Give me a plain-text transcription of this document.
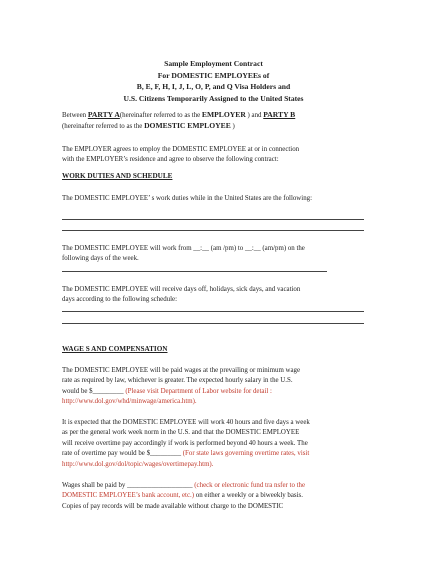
Sample Employment Contract
For DOMESTIC EMPLOYEEs of
B, E, F, H, I, J, L, O, P, and Q Visa Holders and
U.S. Citizens Temporarily Assigned to the United States
Between PARTY A(hereinafter referred to as the EMPLOYER ) and PARTY B
(hereinafter referred to as the DOMESTIC EMPLOYEE )
The EMPLOYER agrees to employ the DOMESTIC EMPLOYEE at or in connection
with the EMPLOYER’s residence and agree to observe the following contract:
WORK DUTIES AND SCHEDULE
The DOMESTIC EMPLOYEE’ s work duties while in the United States are the following:
The DOMESTIC EMPLOYEE will work from __:__ (am /pm) to __:__ (am/pm) on the
following days of the week.
The DOMESTIC EMPLOYEE will receive days off, holidays, sick days, and vacation
days according to the following schedule:
WAGE S AND COMPENSATION
The DOMESTIC EMPLOYEE will be paid wages at the prevailing or minimum wage
rate as required by law, whichever is greater. The expected hourly salary in the U.S.
would be $_________ (Please visit Department of Labor website for detail :
http://www.dol.gov/whd/minwage/america.htm).
It is expected that the DOMESTIC EMPLOYEE will work 40 hours and five days a week
as per the general work week norm in the U.S. and that the DOMESTIC EMPLOYEE
will receive overtime pay accordingly if work is performed beyond 40 hours a week. The
rate of overtime pay would be $_________ (For state laws governing overtime rates, visit
http://www.dol.gov/dol/topic/wages/overtimepay.htm).
Wages shall be paid by ___________________ (check or electronic fund tra nsfer to the
DOMESTIC EMPLOYEE’s bank account, etc.) on either a weekly or a biweekly basis.
Copies of pay records will be made available without charge to the DOMESTIC
